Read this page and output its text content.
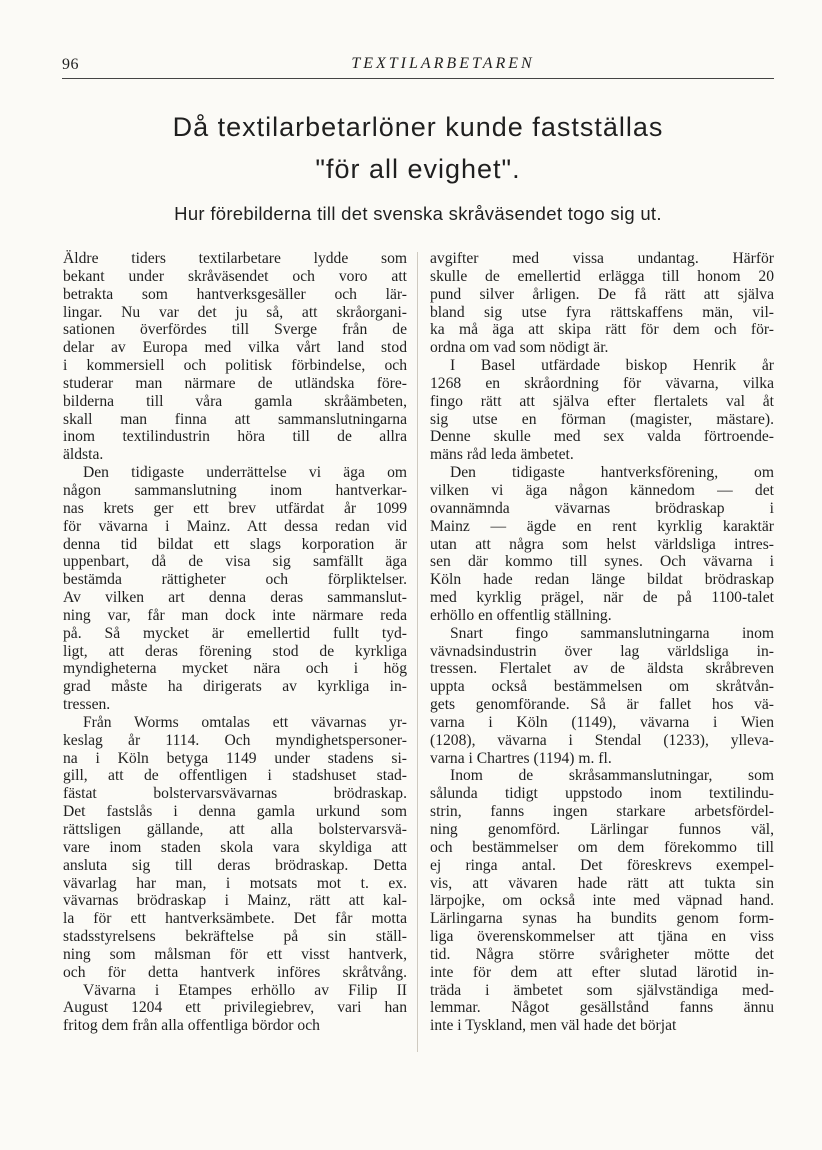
96	TEXTILARBETAREN
Då textilarbetarlöner kunde fastställas
"för all evighet".
Hur förebilderna till det svenska skråväsendet togo sig ut.
Äldre tiders textilarbetare lydde som
bekant under skråväsendet och voro att
betrakta som hantverksgesäller och lär-
lingar. Nu var det ju så, att skråorgani-
sationen överfördes till Sverge från de
delar av Europa med vilka vårt land stod
i kommersiell och politisk förbindelse, och
studerar man närmare de utländska före-
bilderna till våra gamla skråämbeten,
skall man finna att sammanslutningarna
inom textilindustrin höra till de allra
äldsta.
Den tidigaste underrättelse vi äga om
någon sammanslutning inom hantverkar-
nas krets ger ett brev utfärdat år 1099
för vävarna i Mainz. Att dessa redan vid
denna tid bildat ett slags korporation är
uppenbart, då de visa sig samfällt äga
bestämda rättigheter och förpliktelser.
Av vilken art denna deras sammanslut-
ning var, får man dock inte närmare reda
på. Så mycket är emellertid fullt tyd-
ligt, att deras förening stod de kyrkliga
myndigheterna mycket nära och i hög
grad måste ha dirigerats av kyrkliga in-
tressen.
Från Worms omtalas ett vävarnas yr-
keslag år 1114. Och myndighetspersoner-
na i Köln betyga 1149 under stadens si-
gill, att de offentligen i stadshuset stad-
fästat bolstervarsvävarnas brödraskap.
Det fastslås i denna gamla urkund som
rättsligen gällande, att alla bolstervarsvä-
vare inom staden skola vara skyldiga att
ansluta sig till deras brödraskap. Detta
vävarlag har man, i motsats mot t. ex.
vävarnas brödraskap i Mainz, rätt att kal-
la för ett hantverksämbete. Det får motta
stadsstyrelsens bekräftelse på sin ställ-
ning som målsman för ett visst hantverk,
och för detta hantverk införes skråtvång.
Vävarna i Etampes erhöllo av Filip II
August 1204 ett privilegiebrev, vari han
fritog dem från alla offentliga bördor och
avgifter med vissa undantag. Härför
skulle de emellertid erlägga till honom 20
pund silver årligen. De få rätt att själva
bland sig utse fyra rättskaffens män, vil-
ka må äga att skipa rätt för dem och för-
ordna om vad som nödigt är.
I Basel utfärdade biskop Henrik år
1268 en skråordning för vävarna, vilka
fingo rätt att själva efter flertalets val åt
sig utse en förman (magister, mästare).
Denne skulle med sex valda förtroende-
mäns råd leda ämbetet.
Den tidigaste hantverksförening, om
vilken vi äga någon kännedom — det
ovannämnda vävarnas brödraskap i
Mainz — ägde en rent kyrklig karaktär
utan att några som helst världsliga intres-
sen där kommo till synes. Och vävarna i
Köln hade redan länge bildat brödraskap
med kyrklig prägel, när de på 1100-talet
erhöllo en offentlig ställning.
Snart fingo sammanslutningarna inom
vävnadsindustrin över lag världsliga in-
tressen. Flertalet av de äldsta skråbreven
uppta också bestämmelsen om skråtvån-
gets genomförande. Så är fallet hos vä-
varna i Köln (1149), vävarna i Wien
(1208), vävarna i Stendal (1233), ylleva-
varna i Chartres (1194) m. fl.
Inom de skråsammanslutningar, som
sålunda tidigt uppstodo inom textilindu-
strin, fanns ingen starkare arbetsfördel-
ning genomförd. Lärlingar funnos väl,
och bestämmelser om dem förekommo till
ej ringa antal. Det föreskrevs exempel-
vis, att vävaren hade rätt att tukta sin
lärpojke, om också inte med väpnad hand.
Lärlingarna synas ha bundits genom form-
liga överenskommelser att tjäna en viss
tid. Några större svårigheter mötte det
inte för dem att efter slutad lärotid in-
träda i ämbetet som självständiga med-
lemmar. Något gesällstånd fanns ännu
inte i Tyskland, men väl hade det börjat
